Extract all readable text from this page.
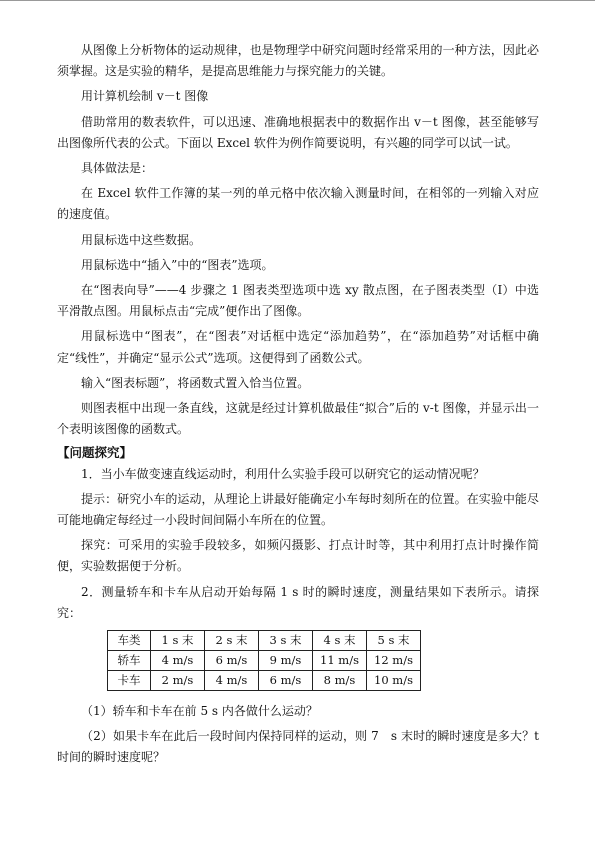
从图像上分析物体的运动规律，也是物理学中研究问题时经常采用的一种方法，因此必须掌握。这是实验的精华，是提高思维能力与探究能力的关键。

用计算机绘制 v－t 图像

借助常用的数表软件，可以迅速、准确地根据表中的数据作出 v－t 图像，甚至能够写出图像所代表的公式。下面以 Excel 软件为例作简要说明，有兴趣的同学可以试一试。

具体做法是：

在 Excel 软件工作簿的某一列的单元格中依次输入测量时间，在相邻的一列输入对应的速度值。

用鼠标选中这些数据。

用鼠标选中“插入”中的“图表”选项。

在“图表向导”——4 步骤之 1 图表类型选项中选 xy 散点图，在子图表类型（Ⅰ）中选平滑散点图。用鼠标点击“完成”便作出了图像。

用鼠标选中“图表”，在“图表”对话框中选定“添加趋势”，在“添加趋势”对话框中确定“线性”，并确定“显示公式”选项。这便得到了函数公式。

输入“图表标题”，将函数式置入恰当位置。

则图表框中出现一条直线，这就是经过计算机做最佳“拟合”后的 v-t 图像，并显示出一个表明该图像的函数式。

【问题探究】

1．当小车做变速直线运动时，利用什么实验手段可以研究它的运动情况呢？

提示：研究小车的运动，从理论上讲最好能确定小车每时刻所在的位置。在实验中能尽可能地确定每经过一小段时间间隔小车所在的位置。

探究：可采用的实验手段较多，如频闪摄影、打点计时等，其中利用打点计时操作简便，实验数据便于分析。

2．测量轿车和卡车从启动开始每隔 1 s 时的瞬时速度，测量结果如下表所示。请探究：

车类	1 s 末	2 s 末	3 s 末	4 s 末	5 s 末
轿车	4 m/s	6 m/s	9 m/s	11 m/s	12 m/s
卡车	2 m/s	4 m/s	6 m/s	8 m/s	10 m/s

（1）轿车和卡车在前 5 s 内各做什么运动？

（2）如果卡车在此后一段时间内保持同样的运动，则 7　s 末时的瞬时速度是多大？t 时间的瞬时速度呢？
